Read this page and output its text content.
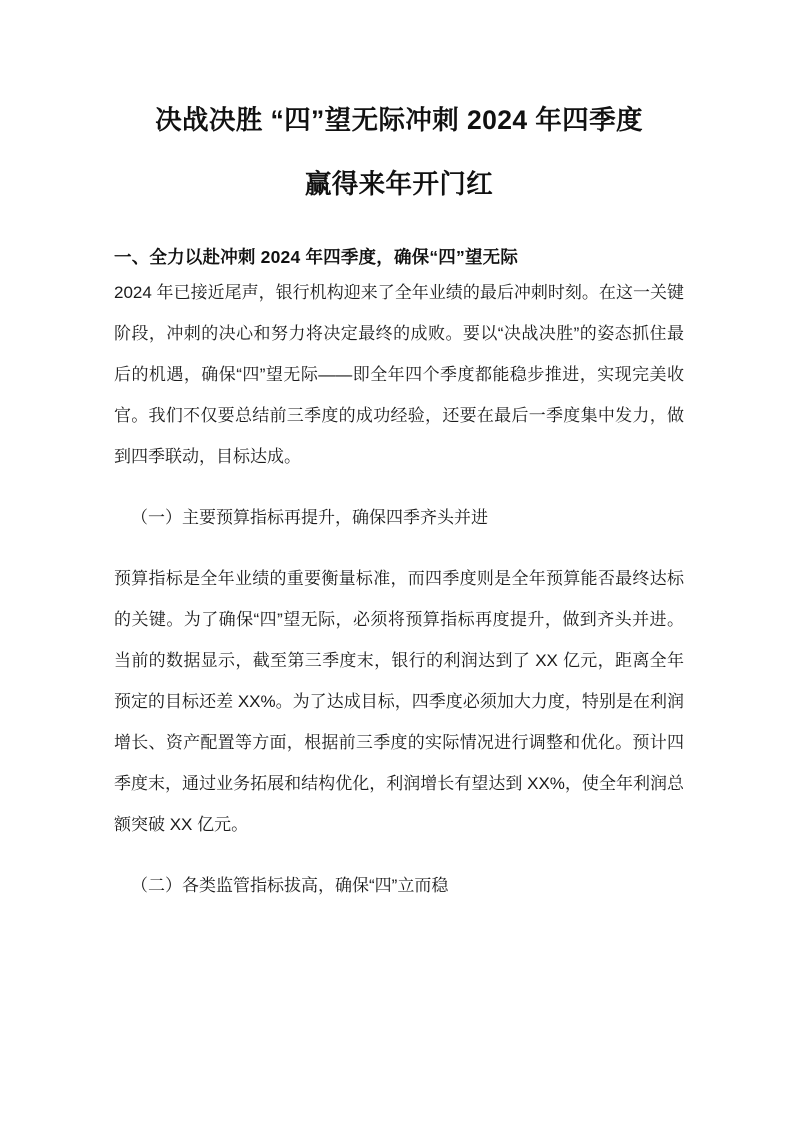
决战决胜 “四”望无际冲刺 2024 年四季度
赢得来年开门红
一、全力以赴冲刺 2024 年四季度，确保“四”望无际

2024 年已接近尾声，银行机构迎来了全年业绩的最后冲刺时刻。在这一关键阶段，冲刺的决心和努力将决定最终的成败。要以“决战决胜”的姿态抓住最后的机遇，确保“四”望无际——即全年四个季度都能稳步推进，实现完美收官。我们不仅要总结前三季度的成功经验，还要在最后一季度集中发力，做到四季联动，目标达成。

（一）主要预算指标再提升，确保四季齐头并进

预算指标是全年业绩的重要衡量标准，而四季度则是全年预算能否最终达标的关键。为了确保“四”望无际，必须将预算指标再度提升，做到齐头并进。当前的数据显示，截至第三季度末，银行的利润达到了 XX 亿元，距离全年预定的目标还差 XX%。为了达成目标，四季度必须加大力度，特别是在利润增长、资产配置等方面，根据前三季度的实际情况进行调整和优化。预计四季度末，通过业务拓展和结构优化，利润增长有望达到 XX%，使全年利润总额突破 XX 亿元。

（二）各类监管指标拔高，确保“四”立而稳
